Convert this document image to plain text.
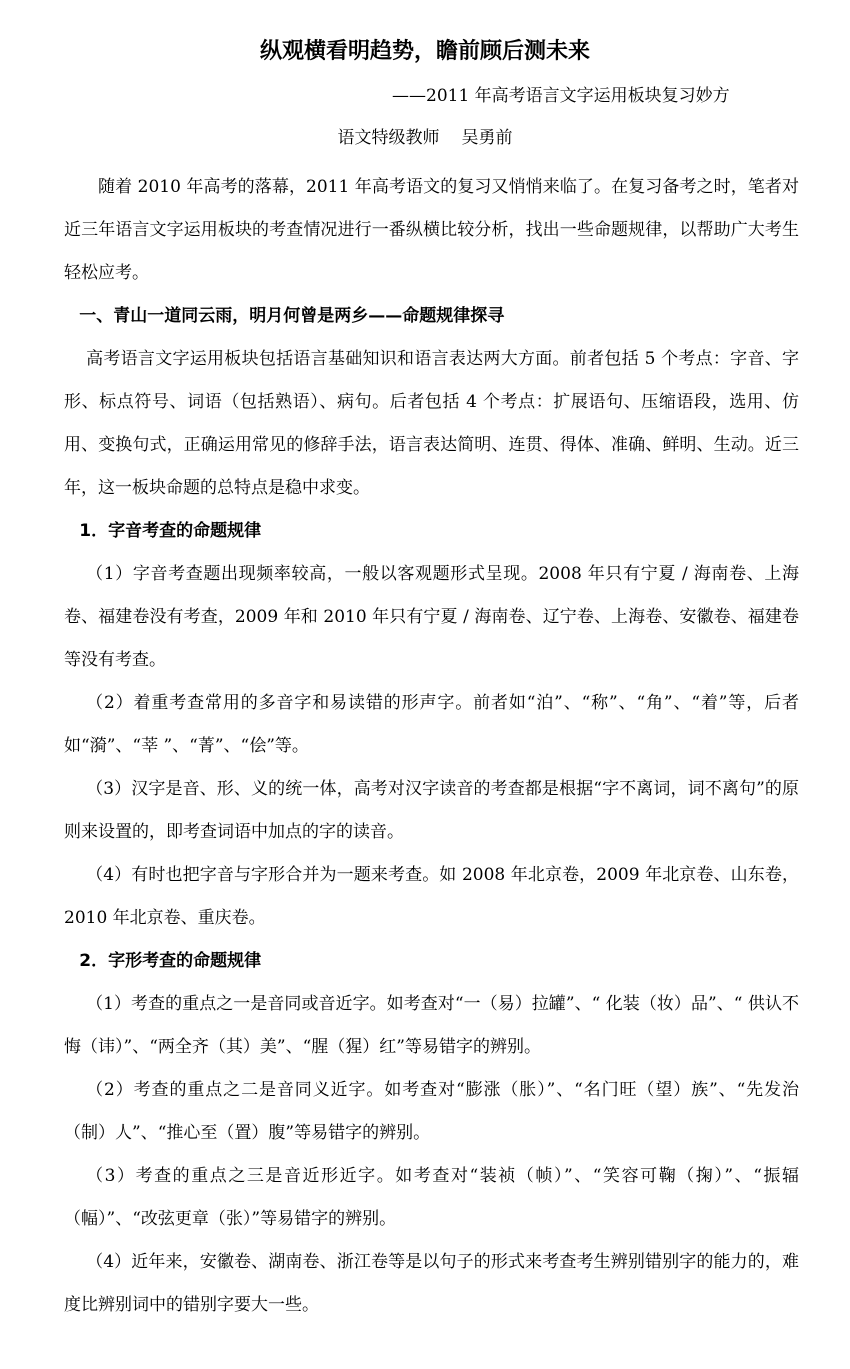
纵观横看明趋势，瞻前顾后测未来
——2011 年高考语言文字运用板块复习妙方
语文特级教师 吴勇前

随着 2010 年高考的落幕，2011 年高考语文的复习又悄悄来临了。在复习备考之时，笔者对近三年语言文字运用板块的考查情况进行一番纵横比较分析，找出一些命题规律，以帮助广大考生轻松应考。

一、青山一道同云雨，明月何曾是两乡——命题规律探寻

高考语言文字运用板块包括语言基础知识和语言表达两大方面。前者包括 5 个考点：字音、字形、标点符号、词语（包括熟语）、病句。后者包括 4 个考点：扩展语句、压缩语段，选用、仿用、变换句式，正确运用常见的修辞手法，语言表达简明、连贯、得体、准确、鲜明、生动。近三年，这一板块命题的总特点是稳中求变。

1．字音考查的命题规律

（1）字音考查题出现频率较高，一般以客观题形式呈现。2008 年只有宁夏 / 海南卷、上海卷、福建卷没有考查，2009 年和 2010 年只有宁夏 / 海南卷、辽宁卷、上海卷、安徽卷、福建卷等没有考查。

（2）着重考查常用的多音字和易读错的形声字。前者如“泊”、“称”、“角”、“着”等，后者如“漪”、“莘 ”、“菁”、“侩”等。

（3）汉字是音、形、义的统一体，高考对汉字读音的考查都是根据“字不离词，词不离句”的原则来设置的，即考查词语中加点的字的读音。

（4）有时也把字音与字形合并为一题来考查。如 2008 年北京卷，2009 年北京卷、山东卷，2010 年北京卷、重庆卷。

2．字形考查的命题规律

（1）考查的重点之一是音同或音近字。如考查对“一（易）拉罐”、“ 化装（妆）品”、“ 供认不悔（讳）”、“两全齐（其）美”、“腥（猩）红”等易错字的辨别。

（2）考查的重点之二是音同义近字。如考查对“膨涨（胀）”、“名门旺（望）族”、“先发治（制）人”、“推心至（置）腹”等易错字的辨别。

（3）考查的重点之三是音近形近字。如考查对“装祯（帧）”、“笑容可鞠（掬）”、“振辐（幅）”、“改弦更章（张）”等易错字的辨别。

（4）近年来，安徽卷、湖南卷、浙江卷等是以句子的形式来考查考生辨别错别字的能力的，难度比辨别词中的错别字要大一些。
